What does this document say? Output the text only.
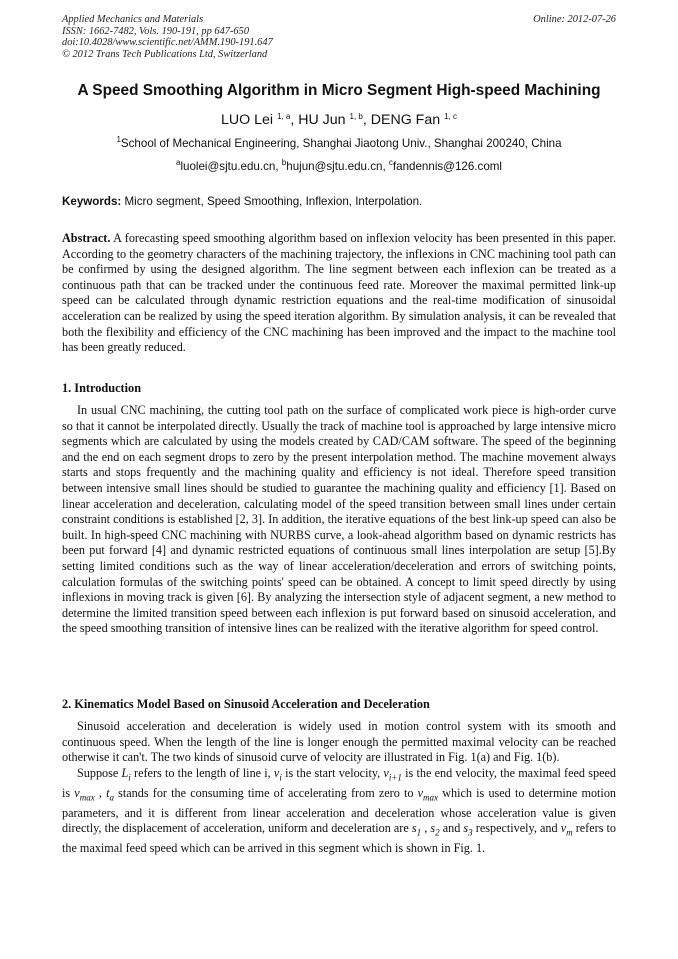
Applied Mechanics and Materials
ISSN: 1662-7482, Vols. 190-191, pp 647-650
doi:10.4028/www.scientific.net/AMM.190-191.647
© 2012 Trans Tech Publications Ltd, Switzerland
Online: 2012-07-26
A Speed Smoothing Algorithm in Micro Segment High-speed Machining
LUO Lei $^{1, a}$, HU Jun $^{1, b}$, DENG Fan $^{1, c}$
$^1$School of Mechanical Engineering, Shanghai Jiaotong Univ., Shanghai 200240, China
$^a$luolei@sjtu.edu.cn, $^b$hujun@sjtu.edu.cn, $^c$fandennis@126.coml
Keywords: Micro segment, Speed Smoothing, Inflexion, Interpolation.
Abstract. A forecasting speed smoothing algorithm based on inflexion velocity has been presented in this paper. According to the geometry characters of the machining trajectory, the inflexions in CNC machining tool path can be confirmed by using the designed algorithm. The line segment between each inflexion can be treated as a continuous path that can be tracked under the continuous feed rate. Moreover the maximal permitted link-up speed can be calculated through dynamic restriction equations and the real-time modification of sinusoidal acceleration can be realized by using the speed iteration algorithm. By simulation analysis, it can be revealed that both the flexibility and efficiency of the CNC machining has been improved and the impact to the machine tool has been greatly reduced.
1. Introduction

In usual CNC machining, the cutting tool path on the surface of complicated work piece is high-order curve so that it cannot be interpolated directly. Usually the track of machine tool is approached by large intensive micro segments which are calculated by using the models created by CAD/CAM software. The speed of the beginning and the end on each segment drops to zero by the present interpolation method. The machine movement always starts and stops frequently and the machining quality and efficiency is not ideal. Therefore speed transition between intensive small lines should be studied to guarantee the machining quality and efficiency [1]. Based on linear acceleration and deceleration, calculating model of the speed transition between small lines under certain constraint conditions is established [2, 3]. In addition, the iterative equations of the best link-up speed can also be built. In high-speed CNC machining with NURBS curve, a look-ahead algorithm based on dynamic restricts has been put forward [4] and dynamic restricted equations of continuous small lines interpolation are setup [5].By setting limited conditions such as the way of linear acceleration/deceleration and errors of switching points, calculation formulas of the switching points' speed can be obtained. A concept to limit speed directly by using inflexions in moving track is given [6]. By analyzing the intersection style of adjacent segment, a new method to determine the limited transition speed between each inflexion is put forward based on sinusoid acceleration, and the speed smoothing transition of intensive lines can be realized with the iterative algorithm for speed control.

2. Kinematics Model Based on Sinusoid Acceleration and Deceleration

Sinusoid acceleration and deceleration is widely used in motion control system with its smooth and continuous speed. When the length of the line is longer enough the permitted maximal velocity can be reached otherwise it can't. The two kinds of sinusoid curve of velocity are illustrated in Fig. 1(a) and Fig. 1(b).

Suppose $L_i$ refers to the length of line i, $v_i$ is the start velocity, $v_{i+1}$ is the end velocity, the maximal feed speed is $v_{max}$ , $t_a$ stands for the consuming time of accelerating from zero to $v_{max}$ which is used to determine motion parameters, and it is different from linear acceleration and deceleration whose acceleration value is given directly, the displacement of acceleration, uniform and deceleration are $s_1$ , $s_2$ and $s_3$ respectively, and $v_m$ refers to the maximal feed speed which can be arrived in this segment which is shown in Fig. 1.
